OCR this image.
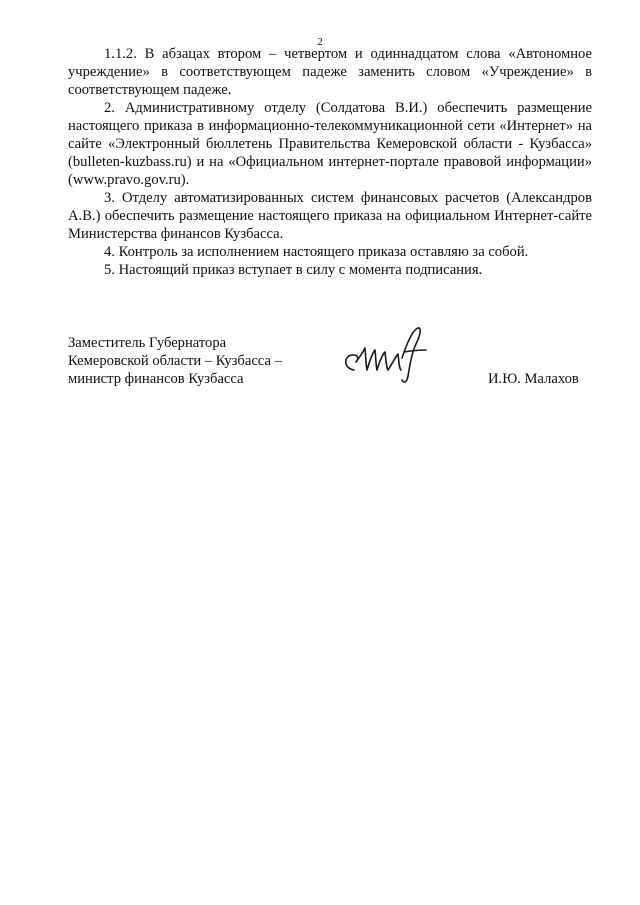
2

1.1.2. В абзацах втором – четвертом и одиннадцатом слова «Автономное учреждение» в соответствующем падеже заменить словом «Учреждение» в соответствующем падеже.

2. Административному отделу (Солдатова В.И.) обеспечить размещение настоящего приказа в информационно-телекоммуникационной сети «Интернет» на сайте «Электронный бюллетень Правительства Кемеровской области - Кузбасса» (bulleten-kuzbass.ru) и на «Официальном интернет-портале правовой информации» (www.pravo.gov.ru).

3. Отделу автоматизированных систем финансовых расчетов (Александров А.В.) обеспечить размещение настоящего приказа на официальном Интернет-сайте Министерства финансов Кузбасса.

4. Контроль за исполнением настоящего приказа оставляю за собой.

5. Настоящий приказ вступает в силу с момента подписания.

Заместитель Губернатора
Кемеровской области – Кузбасса –
министр финансов Кузбасса	И.Ю. Малахов
